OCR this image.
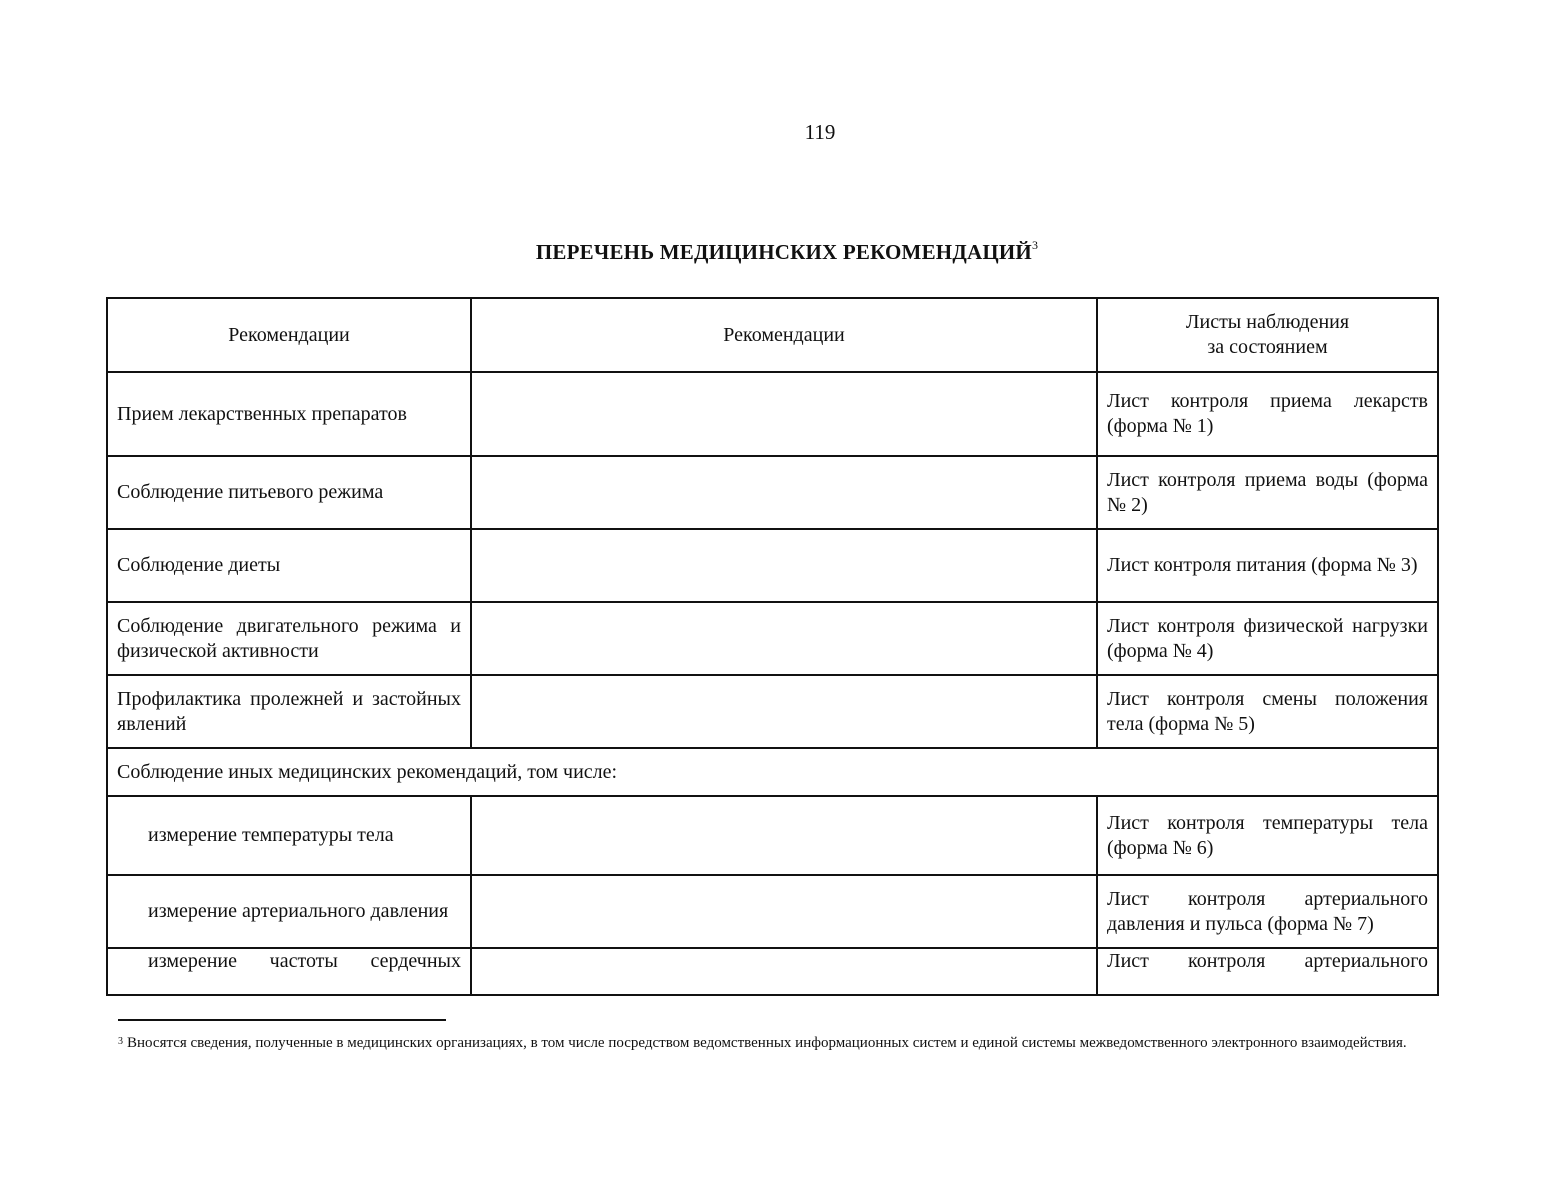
119
ПЕРЕЧЕНЬ МЕДИЦИНСКИХ РЕКОМЕНДАЦИЙ$^3$
Рекомендации	Рекомендации	Листы наблюдения
за состоянием

Прием лекарственных препаратов		Лист контроля приема лекарств (форма № 1)
Соблюдение питьевого режима		Лист контроля приема воды (форма № 2)
Соблюдение диеты		Лист контроля питания (форма № 3)
Соблюдение двигательного режима и физической активности		Лист контроля физической нагрузки (форма № 4)
Профилактика пролежней и застойных явлений		Лист контроля смены положения тела (форма № 5)
Соблюдение иных медицинских рекомендаций, том числе:		
измерение температуры тела		Лист контроля температуры тела (форма № 6)
измерение артериального давления		Лист контроля артериального давления и пульса (форма № 7)
измерение частоты сердечных		Лист контроля артериального
$^3$ Вносятся сведения, полученные в медицинских организациях, в том числе посредством ведомственных информационных систем и единой системы межведомственного электронного взаимодействия.
